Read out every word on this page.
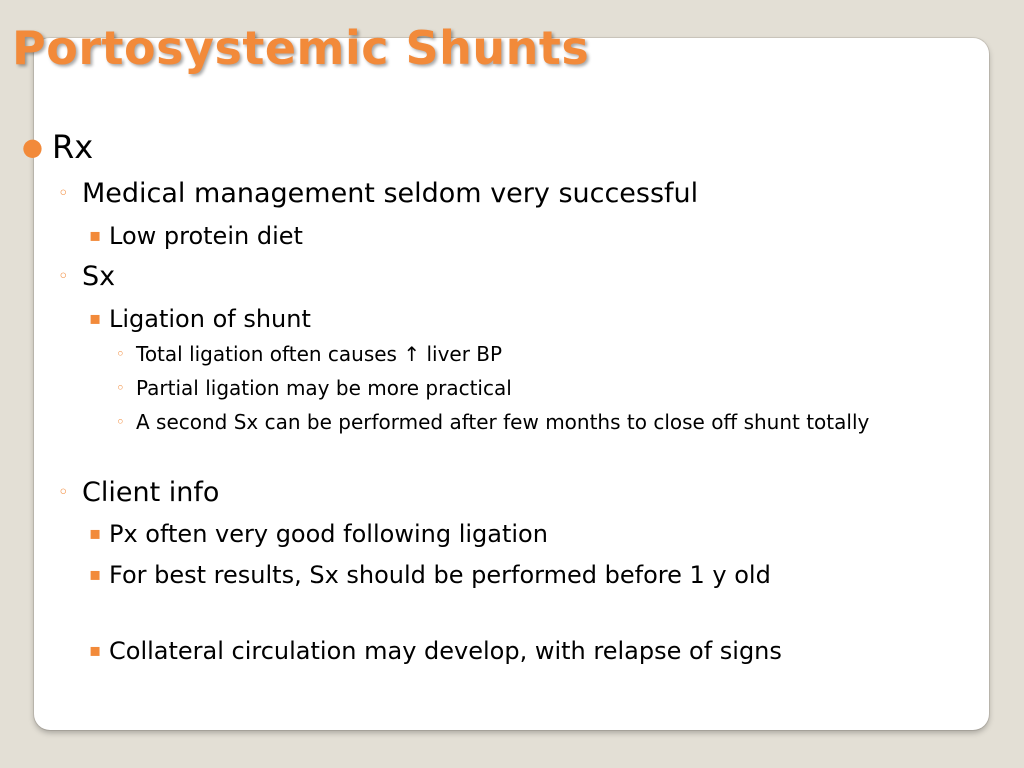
Portosystemic Shunts
● Rx
◦ Medical management seldom very successful
▪ Low protein diet
◦ Sx
▪ Ligation of shunt
◦ Total ligation often causes ↑ liver BP
◦ Partial ligation may be more practical
◦ A second Sx can be performed after few months to close off shunt totally
◦ Client info
▪ Px often very good following ligation
▪ For best results, Sx should be performed before 1 y old
▪ Collateral circulation may develop, with relapse of signs
